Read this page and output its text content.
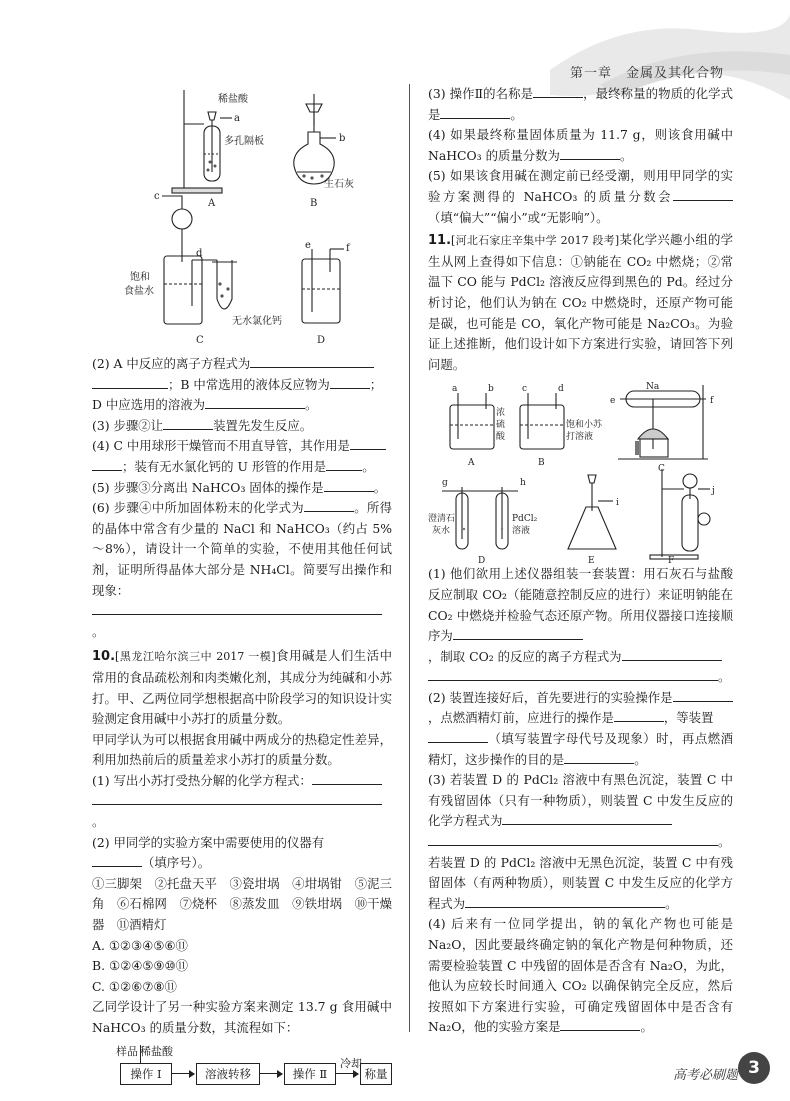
第一章　金属及其化合物
稀盐酸
a
多孔隔板	b
生石灰
A	B
c
d
e	f
饱和
食盐水
无水氯化钙
C	D

(2) A 中反应的离子方程式为
；B 中常选用的液体反应物为	；
D 中应选用的溶液为	。

(3) 步骤②让	装置先发生反应。

(4) C 中用球形干燥管而不用直导管，其作用是
；装有无水氯化钙的 U 形管的作用是	。

(5) 步骤③分离出 NaHCO₃ 固体的操作是	。

(6) 步骤④中所加固体粉末的化学式为	。所得的晶体中常含有少量的 NaCl 和 NaHCO₃（约占 5% ～8%），请设计一个简单的实验，不使用其他任何试剂，证明所得晶体大部分是 NH₄Cl。简要写出操作和现象：
。

10.[黑龙江哈尔滨三中 2017 一模]食用碱是人们生活中常用的食品疏松剂和肉类嫩化剂，其成分为纯碱和小苏打。甲、乙两位同学想根据高中阶段学习的知识设计实验测定食用碱中小苏打的质量分数。

甲同学认为可以根据食用碱中两成分的热稳定性差异，利用加热前后的质量差求小苏打的质量分数。

(1) 写出小苏打受热分解的化学方程式：
。

(2) 甲同学的实验方案中需要使用的仪器有
（填序号）。

①三脚架　②托盘天平　③瓷坩埚　④坩埚钳　⑤泥三角　⑥石棉网　⑦烧杯　⑧蒸发皿　⑨铁坩埚　⑩干燥器　⑪酒精灯

A. ①②③④⑤⑥⑪

B. ①②④⑤⑨⑩⑪

C. ①②⑥⑦⑧⑪

乙同学设计了另一种实验方案来测定 13.7 g 食用碱中 NaHCO₃ 的质量分数，其流程如下：

样品 稀盐酸
操作 Ⅰ	溶液转移	操作 Ⅱ
冷却
称量

(3) 操作Ⅱ的名称是	，最终称量的物质的化学式是	。

(4) 如果最终称量固体质量为 11.7 g，则该食用碱中 NaHCO₃ 的质量分数为	。

(5) 如果该食用碱在测定前已经受潮，则用甲同学的实验方案测得的 NaHCO₃ 的质量分数会（填“偏大”“偏小”或“无影响”）。

11.[河北石家庄辛集中学 2017 段考]某化学兴趣小组的学生从网上查得如下信息：①钠能在 CO₂ 中燃烧；②常温下 CO 能与 PdCl₂ 溶液反应得到黑色的 Pd。经过分析讨论，他们认为钠在 CO₂ 中燃烧时，还原产物可能是碳，也可能是 CO，氧化产物可能是 Na₂CO₃。为验证上述推断，他们设计如下方案进行实验，请回答下列问题。

a	b	c	d
浓
硫
酸
饱和小苏
打溶液
e
Na
f
A	B
C
g	h
i
j
澄清石
灰水
PdCl₂
溶液
D	E	F

(1) 他们欲用上述仪器组装一套装置：用石灰石与盐酸反应制取 CO₂（能随意控制反应的进行）来证明钠能在 CO₂ 中燃烧并检验气态还原产物。所用仪器接口连接顺序为
，制取 CO₂ 的反应的离子方程式为
。

(2) 装置连接好后，首先要进行的实验操作是
，点燃酒精灯前，应进行的操作是	，等装置
（填写装置字母代号及现象）时，再点燃酒精灯，这步操作的目的是	。

(3) 若装置 D 的 PdCl₂ 溶液中有黑色沉淀，装置 C 中有残留固体（只有一种物质），则装置 C 中发生反应的化学方程式为
。

若装置 D 的 PdCl₂ 溶液中无黑色沉淀，装置 C 中有残留固体（有两种物质），则装置 C 中发生反应的化学方程式为	。

(4) 后来有一位同学提出，钠的氧化产物也可能是 Na₂O，因此要最终确定钠的氧化产物是何种物质，还需要检验装置 C 中残留的固体是否含有 Na₂O，为此，他认为应较长时间通入 CO₂ 以确保钠完全反应，然后按照如下方案进行实验，可确定残留固体中是否含有 Na₂O，他的实验方案是	。

高考必刷题 3
